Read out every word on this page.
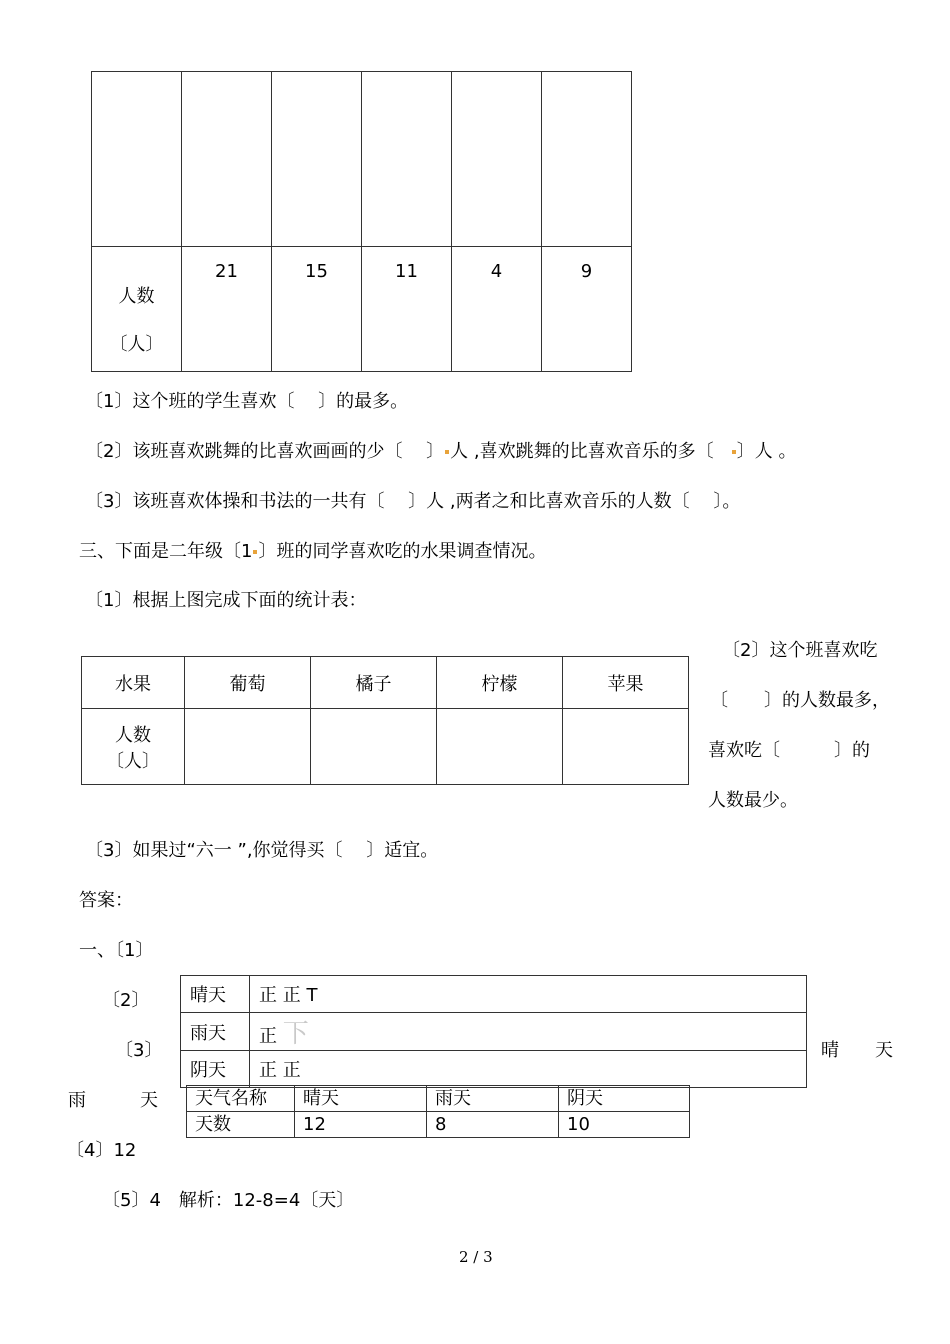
人数
〔人〕	21	15	11	4	9
〔1〕这个班的学生喜欢〔　 〕的最多。
〔2〕该班喜欢跳舞的比喜欢画画的少〔　 〕 人 ,喜欢跳舞的比喜欢音乐的多〔 〕人 。
〔3〕该班喜欢体操和书法的一共有〔　 〕人 ,两者之和比喜欢音乐的人数〔　 〕。
三、下面是二年级〔1 〕班的同学喜欢吃的水果调查情况。
〔1〕根据上图完成下面的统计表：
水果	葡萄	橘子	柠檬	苹果

人数
〔人〕				

〔2〕这个班喜欢吃
〔　　〕的人数最多，
喜欢吃〔　　　〕的
人数最少。
〔3〕如果过“六一 ”,你觉得买〔　 〕适宜。
答案：
一、〔1〕
〔2〕
〔3〕
晴天	正 正 T
雨天	正 下
阴天	正 正
晴　　天
雨　　　天 天气名称	晴天	雨天	阴天
天数	12	8	10
〔4〕12
〔5〕4　解析：12-8=4〔天〕
2 / 3
